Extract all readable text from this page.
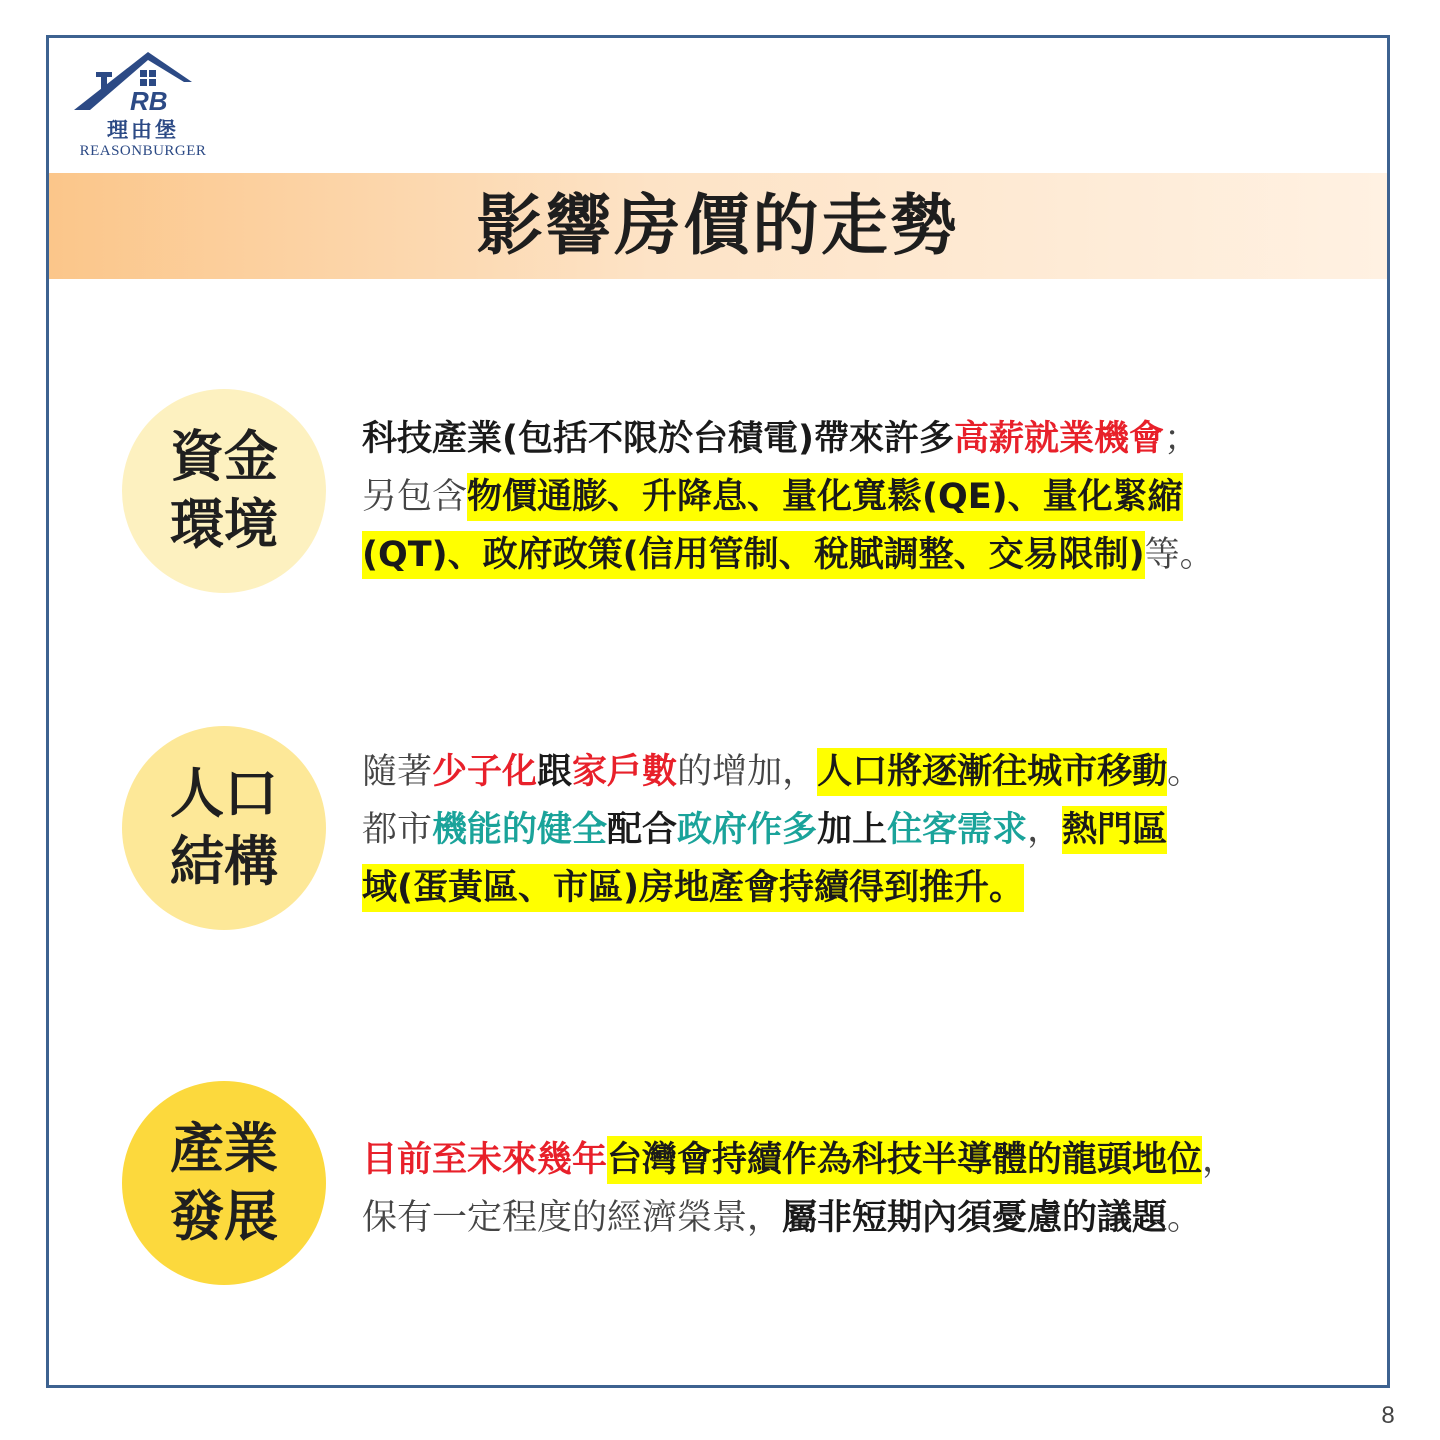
RB
理由堡
REASONBURGER
影響房價的走勢
資金
環境
科技產業(包括不限於台積電)帶來許多高薪就業機會；
另包含物價通膨、升降息、量化寬鬆(QE)、量化緊縮
(QT)、政府政策(信用管制、稅賦調整、交易限制)等。
人口
結構
隨著少子化跟家戶數的增加，人口將逐漸往城市移動。
都市機能的健全配合政府作多加上住客需求，熱門區
域(蛋黃區、市區)房地產會持續得到推升。
產業
發展
目前至未來幾年台灣會持續作為科技半導體的龍頭地位，
保有一定程度的經濟榮景，屬非短期內須憂慮的議題。
8
